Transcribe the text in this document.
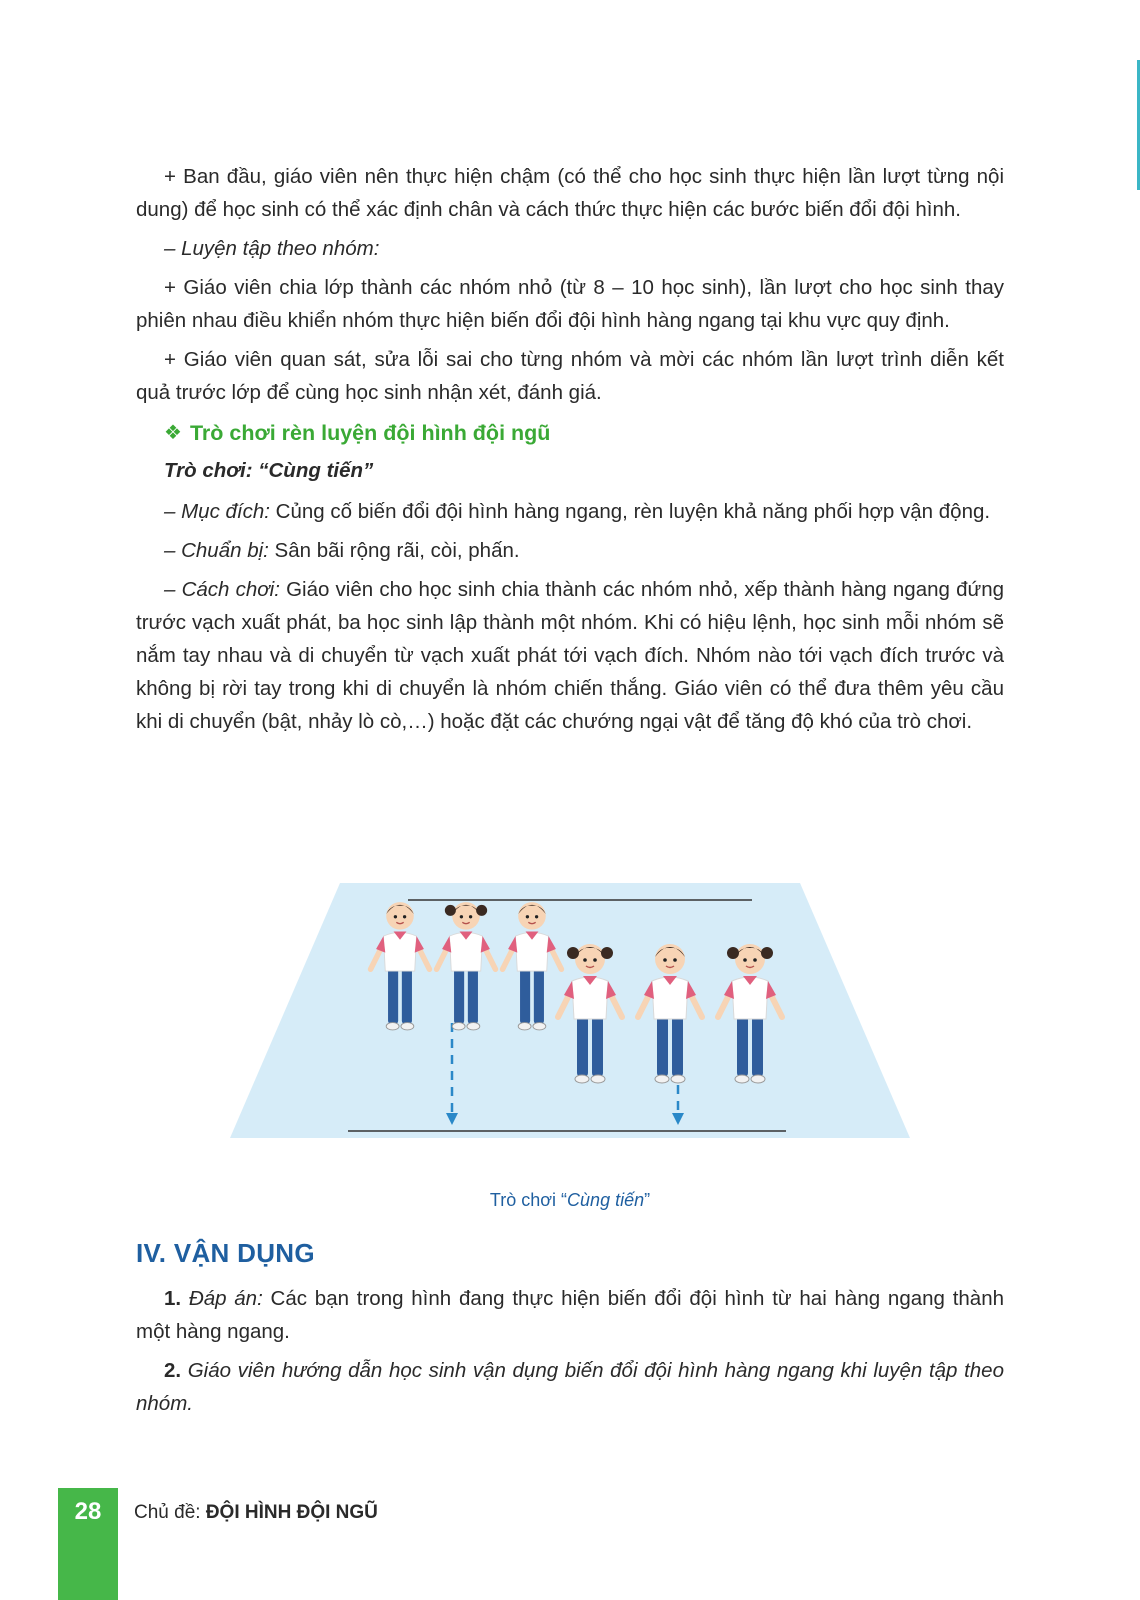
+ Ban đầu, giáo viên nên thực hiện chậm (có thể cho học sinh thực hiện lần lượt từng nội dung) để học sinh có thể xác định chân và cách thức thực hiện các bước biến đổi đội hình.

– Luyện tập theo nhóm:

+ Giáo viên chia lớp thành các nhóm nhỏ (từ 8 – 10 học sinh), lần lượt cho học sinh thay phiên nhau điều khiển nhóm thực hiện biến đổi đội hình hàng ngang tại khu vực quy định.

+ Giáo viên quan sát, sửa lỗi sai cho từng nhóm và mời các nhóm lần lượt trình diễn kết quả trước lớp để cùng học sinh nhận xét, đánh giá.

❖ Trò chơi rèn luyện đội hình đội ngũ
Trò chơi: “Cùng tiến”

– Mục đích: Củng cố biến đổi đội hình hàng ngang, rèn luyện khả năng phối hợp vận động.

– Chuẩn bị: Sân bãi rộng rãi, còi, phấn.

– Cách chơi: Giáo viên cho học sinh chia thành các nhóm nhỏ, xếp thành hàng ngang đứng trước vạch xuất phát, ba học sinh lập thành một nhóm. Khi có hiệu lệnh, học sinh mỗi nhóm sẽ nắm tay nhau và di chuyển từ vạch xuất phát tới vạch đích. Nhóm nào tới vạch đích trước và không bị rời tay trong khi di chuyển là nhóm chiến thắng. Giáo viên có thể đưa thêm yêu cầu khi di chuyển (bật, nhảy lò cò,…) hoặc đặt các chướng ngại vật để tăng độ khó của trò chơi.

Trò chơi “Cùng tiến”
IV. VẬN DỤNG

1. Đáp án: Các bạn trong hình đang thực hiện biến đổi đội hình từ hai hàng ngang thành một hàng ngang.

2. Giáo viên hướng dẫn học sinh vận dụng biến đổi đội hình hàng ngang khi luyện tập theo nhóm.

28	Chủ đề: ĐỘI HÌNH ĐỘI NGŨ
